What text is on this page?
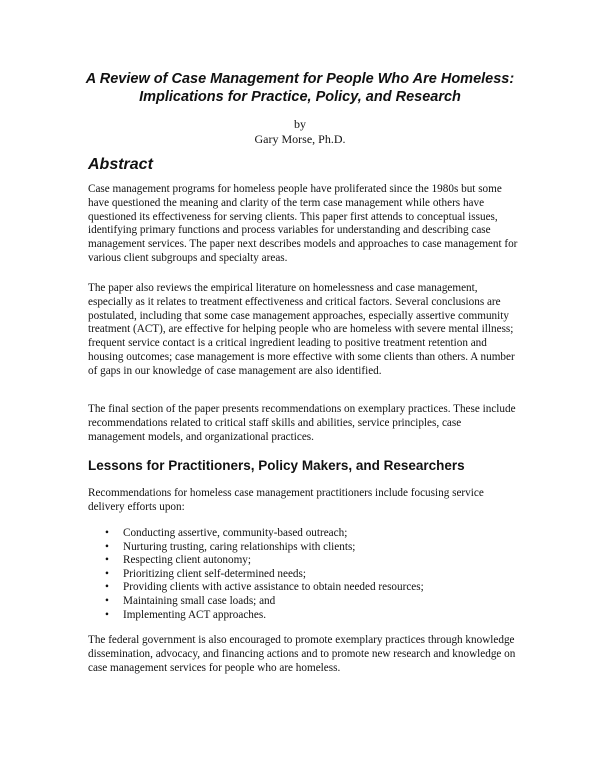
A Review of Case Management for People Who Are Homeless:
Implications for Practice, Policy, and Research
by
Gary Morse, Ph.D.
Abstract

Case management programs for homeless people have proliferated since the 1980s but some have questioned the meaning and clarity of the term case management while others have questioned its effectiveness for serving clients. This paper first attends to conceptual issues, identifying primary functions and process variables for understanding and describing case management services. The paper next describes models and approaches to case management for various client subgroups and specialty areas.

The paper also reviews the empirical literature on homelessness and case management, especially as it relates to treatment effectiveness and critical factors. Several conclusions are postulated, including that some case management approaches, especially assertive community treatment (ACT), are effective for helping people who are homeless with severe mental illness; frequent service contact is a critical ingredient leading to positive treatment retention and housing outcomes; case management is more effective with some clients than others. A number of gaps in our knowledge of case management are also identified.

The final section of the paper presents recommendations on exemplary practices. These include recommendations related to critical staff skills and abilities, service principles, case management models, and organizational practices.

Lessons for Practitioners, Policy Makers, and Researchers

Recommendations for homeless case management practitioners include focusing service delivery efforts upon:

• Conducting assertive, community-based outreach;
• Nurturing trusting, caring relationships with clients;
• Respecting client autonomy;
• Prioritizing client self-determined needs;
• Providing clients with active assistance to obtain needed resources;
• Maintaining small case loads; and
• Implementing ACT approaches.

The federal government is also encouraged to promote exemplary practices through knowledge dissemination, advocacy, and financing actions and to promote new research and knowledge on case management services for people who are homeless.
